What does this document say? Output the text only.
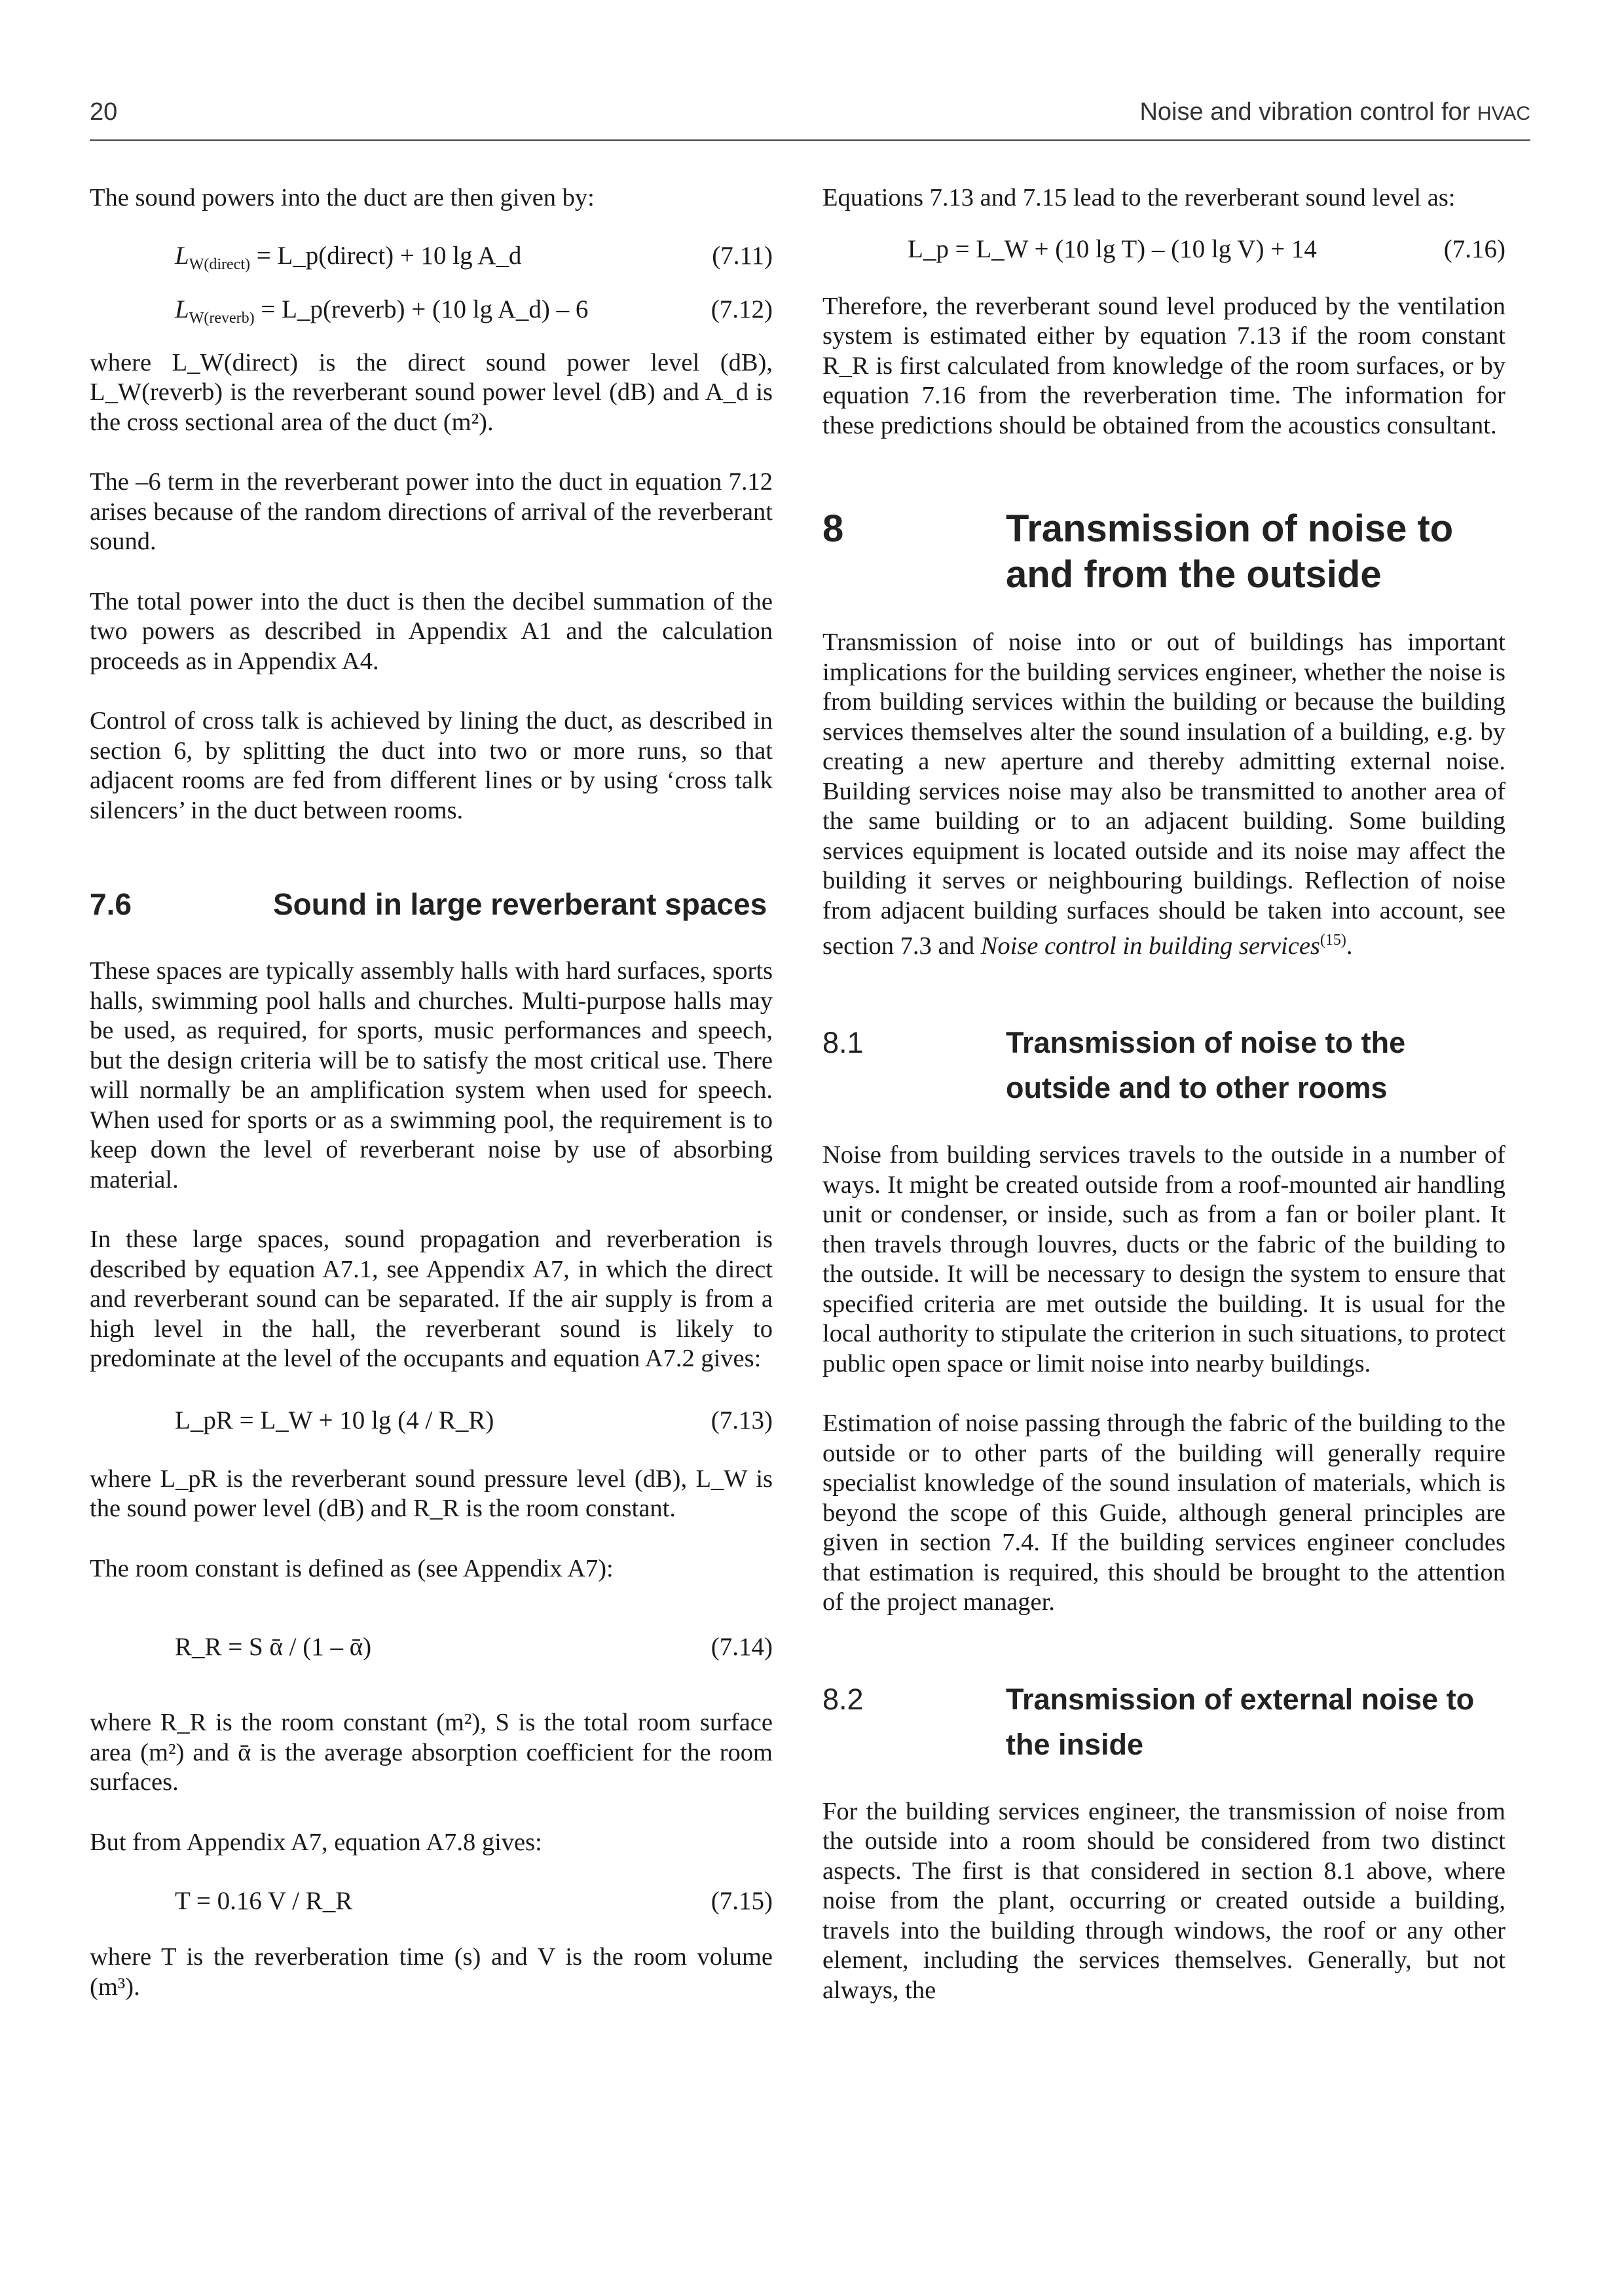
20	Noise and vibration control for HVAC

The sound powers into the duct are then given by:

$L_{W(direct)}$ = L_p(direct) + 10 lg A_d	(7.11)
$L_{W(reverb)}$ = L_p(reverb) + (10 lg A_d) – 6	(7.12)

where L_W(direct) is the direct sound power level (dB), L_W(reverb) is the reverberant sound power level (dB) and A_d is the cross sectional area of the duct (m²).

The –6 term in the reverberant power into the duct in equation 7.12 arises because of the random directions of arrival of the reverberant sound.

The total power into the duct is then the decibel summation of the two powers as described in Appendix A1 and the calculation proceeds as in Appendix A4.

Control of cross talk is achieved by lining the duct, as described in section 6, by splitting the duct into two or more runs, so that adjacent rooms are fed from different lines or by using ‘cross talk silencers’ in the duct between rooms.

7.6	Sound in large reverberant spaces

These spaces are typically assembly halls with hard surfaces, sports halls, swimming pool halls and churches. Multi-purpose halls may be used, as required, for sports, music performances and speech, but the design criteria will be to satisfy the most critical use. There will normally be an amplification system when used for speech. When used for sports or as a swimming pool, the requirement is to keep down the level of reverberant noise by use of absorbing material.

In these large spaces, sound propagation and reverberation is described by equation A7.1, see Appendix A7, in which the direct and reverberant sound can be separated. If the air supply is from a high level in the hall, the reverberant sound is likely to predominate at the level of the occupants and equation A7.2 gives:

L_pR = L_W + 10 lg (4 / R_R)	(7.13)

where L_pR is the reverberant sound pressure level (dB), L_W is the sound power level (dB) and R_R is the room constant.

The room constant is defined as (see Appendix A7):

R_R = S ᾱ / (1 – ᾱ)	(7.14)

where R_R is the room constant (m²), S is the total room surface area (m²) and ᾱ is the average absorption coefficient for the room surfaces.

But from Appendix A7, equation A7.8 gives:

T = 0.16 V / R_R	(7.15)

where T is the reverberation time (s) and V is the room volume (m³).

Equations 7.13 and 7.15 lead to the reverberant sound level as:

L_p = L_W + (10 lg T) – (10 lg V) + 14	(7.16)

Therefore, the reverberant sound level produced by the ventilation system is estimated either by equation 7.13 if the room constant R_R is first calculated from knowledge of the room surfaces, or by equation 7.16 from the reverberation time. The information for these predictions should be obtained from the acoustics consultant.

8	Transmission of noise to and from the outside

Transmission of noise into or out of buildings has important implications for the building services engineer, whether the noise is from building services within the building or because the building services themselves alter the sound insulation of a building, e.g. by creating a new aperture and thereby admitting external noise. Building services noise may also be transmitted to another area of the same building or to an adjacent building. Some building services equipment is located outside and its noise may affect the building it serves or neighbouring buildings. Reflection of noise from adjacent building surfaces should be taken into account, see section 7.3 and Noise control in building services$^{(15)}$.

8.1	Transmission of noise to the outside and to other rooms

Noise from building services travels to the outside in a number of ways. It might be created outside from a roof-mounted air handling unit or condenser, or inside, such as from a fan or boiler plant. It then travels through louvres, ducts or the fabric of the building to the outside. It will be necessary to design the system to ensure that specified criteria are met outside the building. It is usual for the local authority to stipulate the criterion in such situations, to protect public open space or limit noise into nearby buildings.

Estimation of noise passing through the fabric of the building to the outside or to other parts of the building will generally require specialist knowledge of the sound insulation of materials, which is beyond the scope of this Guide, although general principles are given in section 7.4. If the building services engineer concludes that estimation is required, this should be brought to the attention of the project manager.

8.2	Transmission of external noise to the inside

For the building services engineer, the transmission of noise from the outside into a room should be considered from two distinct aspects. The first is that considered in section 8.1 above, where noise from the plant, occurring or created outside a building, travels into the building through windows, the roof or any other element, including the services themselves. Generally, but not always, the
